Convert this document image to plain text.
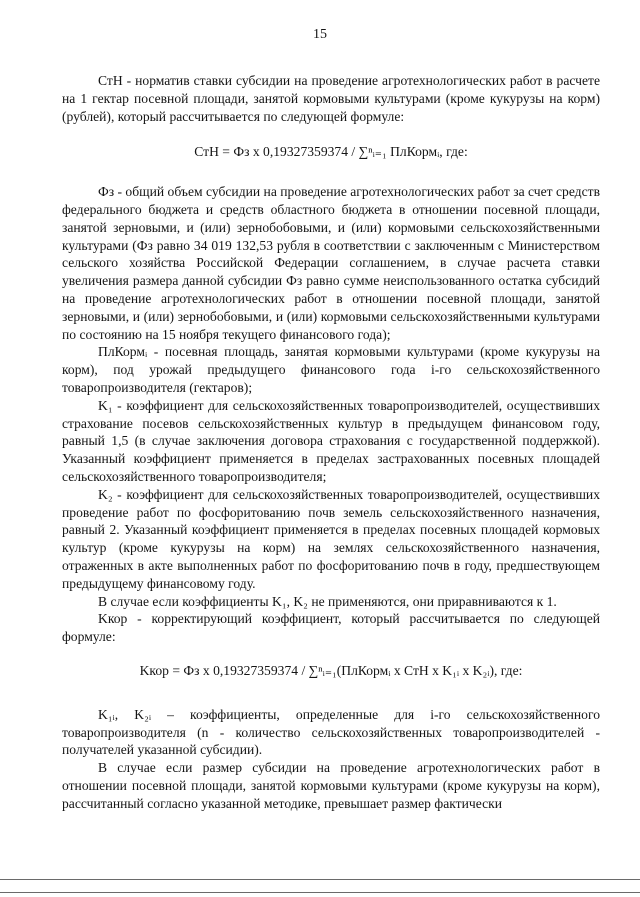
15

СтН - норматив ставки субсидии на проведение агротехнологических работ в расчете на 1 гектар посевной площади, занятой кормовыми культурами (кроме кукурузы на корм) (рублей), который рассчитывается по следующей формуле:

СтН = Фз x 0,19327359374 / ∑ⁿᵢ₌₁ ПлКормᵢ, где:

Фз - общий объем субсидии на проведение агротехнологических работ за счет средств федерального бюджета и средств областного бюджета в отношении посевной площади, занятой зерновыми, и (или) зернобобовыми, и (или) кормовыми сельскохозяйственными культурами (Фз равно 34 019 132,53 рубля в соответствии с заключенным с Министерством сельского хозяйства Российской Федерации соглашением, в случае расчета ставки увеличения размера данной субсидии Фз равно сумме неиспользованного остатка субсидий на проведение агротехнологических работ в отношении посевной площади, занятой зерновыми, и (или) зернобобовыми, и (или) кормовыми сельскохозяйственными культурами по состоянию на 15 ноября текущего финансового года);

ПлКормᵢ - посевная площадь, занятая кормовыми культурами (кроме кукурузы на корм), под урожай предыдущего финансового года i-го сельскохозяйственного товаропроизводителя (гектаров);

K₁ - коэффициент для сельскохозяйственных товаропроизводителей, осуществивших страхование посевов сельскохозяйственных культур в предыдущем финансовом году, равный 1,5 (в случае заключения договора страхования с государственной поддержкой). Указанный коэффициент применяется в пределах застрахованных посевных площадей сельскохозяйственного товаропроизводителя;

K₂ - коэффициент для сельскохозяйственных товаропроизводителей, осуществивших проведение работ по фосфоритованию почв земель сельскохозяйственного назначения, равный 2. Указанный коэффициент применяется в пределах посевных площадей кормовых культур (кроме кукурузы на корм) на землях сельскохозяйственного назначения, отраженных в акте выполненных работ по фосфоритованию почв в году, предшествующем предыдущему финансовому году.

В случае если коэффициенты K₁, K₂ не применяются, они приравниваются к 1.

Kкор - корректирующий коэффициент, который рассчитывается по следующей формуле:

Kкор = Фз x 0,19327359374 / ∑ⁿᵢ₌₁(ПлКормᵢ x СтН x K₁ᵢ x K₂ᵢ), где:

K₁ᵢ, K₂ᵢ – коэффициенты, определенные для i-го сельскохозяйственного товаропроизводителя (n - количество сельскохозяйственных товаропроизводителей - получателей указанной субсидии).

В случае если размер субсидии на проведение агротехнологических работ в отношении посевной площади, занятой кормовыми культурами (кроме кукурузы на корм), рассчитанный согласно указанной методике, превышает размер фактически
